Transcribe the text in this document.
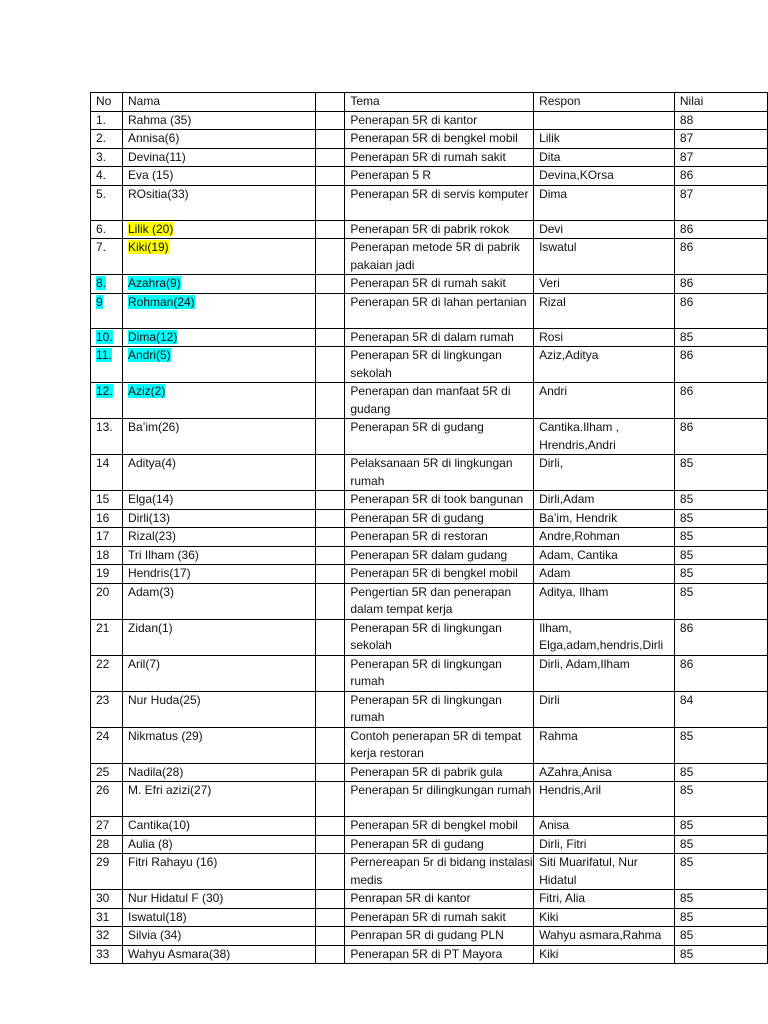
No	Nama		Tema	Respon	Nilai
1.	Rahma (35)		Penerapan 5R di kantor		88
2.	Annisa(6)		Penerapan 5R di bengkel mobil	Lilik	87
3.	Devina(11)		Penerapan 5R di rumah sakit	Dita	87
4.	Eva (15)		Penerapan 5 R	Devina,KOrsa	86
5.	ROsitia(33)		Penerapan 5R di servis komputer	Dima	87
6.	Lilik (20)		Penerapan 5R di pabrik rokok	Devi	86
7.	Kiki(19)		Penerapan metode 5R di pabrik pakaian jadi	Iswatul	86
8.	Azahra(9)		Penerapan 5R di rumah sakit	Veri	86
9	Rohman(24)		Penerapan 5R di lahan pertanian	Rizal	86
10.	Dima(12)		Penerapan 5R di dalam rumah	Rosi	85
11.	Andri(5)		Penerapan 5R di lingkungan sekolah	Aziz,Aditya	86
12.	Aziz(2)		Penerapan dan manfaat 5R di gudang	Andri	86
13.	Ba’im(26)		Penerapan 5R di gudang	Cantika.Ilham , Hrendris,Andri	86
14	Aditya(4)		Pelaksanaan 5R di lingkungan rumah	Dirli,	85
15	Elga(14)		Penerapan 5R di took bangunan	Dirli,Adam	85
16	Dirli(13)		Penerapan 5R di gudang	Ba’im, Hendrik	85
17	Rizal(23)		Penerapan 5R di restoran	Andre,Rohman	85
18	Tri Ilham (36)		Penerapan 5R dalam gudang	Adam, Cantika	85
19	Hendris(17)		Penerapan 5R di bengkel mobil	Adam	85
20	Adam(3)		Pengertian 5R dan penerapan dalam tempat kerja	Aditya, Ilham	85
21	Zidan(1)		Penerapan 5R di lingkungan sekolah	Ilham, Elga,adam,hendris,Dirli	86
22	Aril(7)		Penerapan 5R di lingkungan rumah	Dirli, Adam,Ilham	86
23	Nur Huda(25)		Penerapan 5R di lingkungan rumah	Dirli	84
24	Nikmatus (29)		Contoh penerapan 5R di tempat kerja restoran	Rahma	85
25	Nadila(28)		Penerapan 5R di pabrik gula	AZahra,Anisa	85
26	M. Efri azizi(27)		Penerapan 5r dilingkungan rumah	Hendris,Aril	85
27	Cantika(10)		Penerapan 5R di bengkel mobil	Anisa	85
28	Aulia (8)		Penerapan 5R di gudang	Dirli, Fitri	85
29	Fitri Rahayu (16)		Pernereapan 5r di bidang instalasi medis	Siti Muarifatul, Nur Hidatul	85
30	Nur Hidatul F (30)		Penrapan 5R di kantor	Fitri, Alia	85
31	Iswatul(18)		Penerapan 5R di rumah sakit	Kiki	85
32	Silvia (34)		Penrapan 5R di gudang PLN	Wahyu asmara,Rahma	85
33	Wahyu Asmara(38)		Penerapan 5R di PT Mayora	Kiki	85
